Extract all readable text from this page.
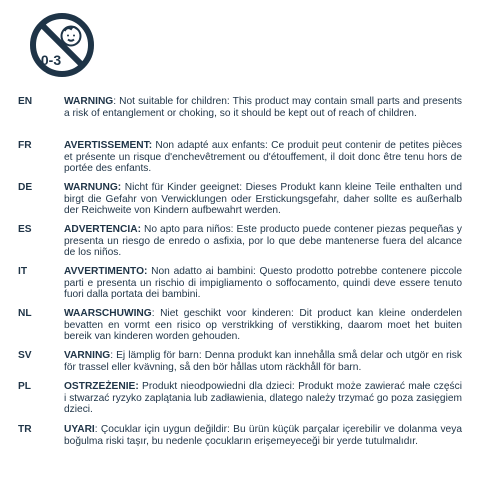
0-3
EN	WARNING: Not suitable for children: This product may contain small parts and presents a risk of entanglement or choking, so it should be kept out of reach of children.
FR	AVERTISSEMENT: Non adapté aux enfants: Ce produit peut contenir de petites pièces et présente un risque d'enchevêtrement ou d'étouffement, il doit donc être tenu hors de portée des enfants.
DE	WARNUNG: Nicht für Kinder geeignet: Dieses Produkt kann kleine Teile enthalten und birgt die Gefahr von Verwicklungen oder Erstickungsgefahr, daher sollte es außerhalb der Reichweite von Kindern aufbewahrt werden.
ES	ADVERTENCIA: No apto para niños: Este producto puede contener piezas pequeñas y presenta un riesgo de enredo o asfixia, por lo que debe mantenerse fuera del alcance de los niños.
IT	AVVERTIMENTO: Non adatto ai bambini: Questo prodotto potrebbe contenere piccole parti e presenta un rischio di impigliamento o soffocamento, quindi deve essere tenuto fuori dalla portata dei bambini.
NL	WAARSCHUWING: Niet geschikt voor kinderen: Dit product kan kleine onderdelen bevatten en vormt een risico op verstrikking of verstikking, daarom moet het buiten bereik van kinderen worden gehouden.
SV	VARNING: Ej lämplig för barn: Denna produkt kan innehålla små delar och utgör en risk för trassel eller kvävning, så den bör hållas utom räckhåll för barn.
PL	OSTRZEŻENIE: Produkt nieodpowiedni dla dzieci: Produkt może zawierać małe części i stwarzać ryzyko zaplątania lub zadławienia, dlatego należy trzymać go poza zasięgiem dzieci.
TR	UYARI: Çocuklar için uygun değildir: Bu ürün küçük parçalar içerebilir ve dolanma veya boğulma riski taşır, bu nedenle çocukların erişemeyeceği bir yerde tutulmalıdır.
